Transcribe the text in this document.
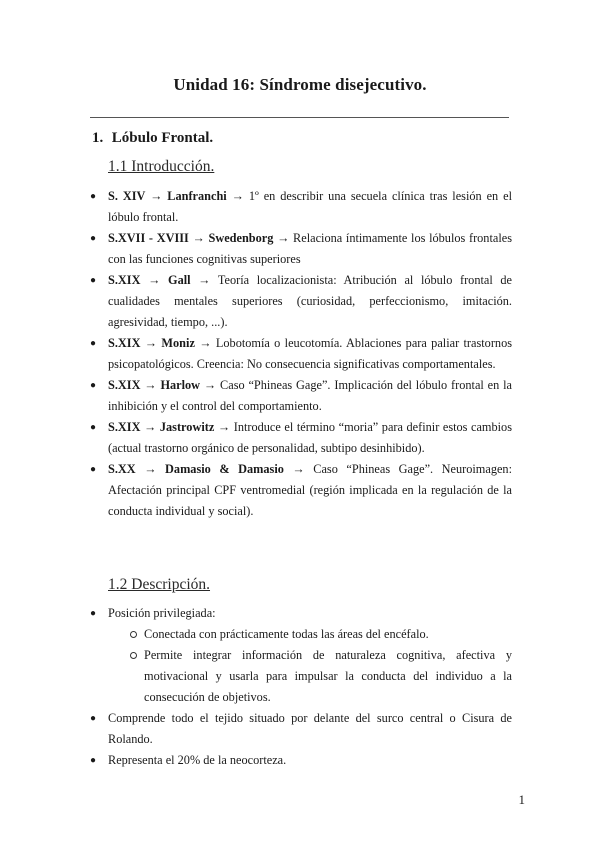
Unidad 16: Síndrome disejecutivo.
1. Lóbulo Frontal.
1.1 Introducción.
● S. XIV → Lanfranchi → 1º en describir una secuela clínica tras lesión en el lóbulo frontal.
● S.XVII - XVIII → Swedenborg → Relaciona íntimamente los lóbulos frontales con las funciones cognitivas superiores
● S.XIX → Gall → Teoría localizacionista: Atribución al lóbulo frontal de cualidades mentales superiores (curiosidad, perfeccionismo, imitación. agresividad, tiempo, ...).
● S.XIX → Moniz → Lobotomía o leucotomía. Ablaciones para paliar trastornos psicopatológicos. Creencia: No consecuencia significativas comportamentales.
● S.XIX → Harlow → Caso “Phineas Gage”. Implicación del lóbulo frontal en la inhibición y el control del comportamiento.
● S.XIX → Jastrowitz → Introduce el término “moria” para definir estos cambios (actual trastorno orgánico de personalidad, subtipo desinhibido).
● S.XX → Damasio & Damasio → Caso “Phineas Gage”. Neuroimagen: Afectación principal CPF ventromedial (región implicada en la regulación de la conducta individual y social).
1.2 Descripción.
● Posición privilegiada:
Conectada con prácticamente todas las áreas del encéfalo.
Permite integrar información de naturaleza cognitiva, afectiva y motivacional y usarla para impulsar la conducta del individuo a la consecución de objetivos.
● Comprende todo el tejido situado por delante del surco central o Cisura de Rolando.
● Representa el 20% de la neocorteza.
1
